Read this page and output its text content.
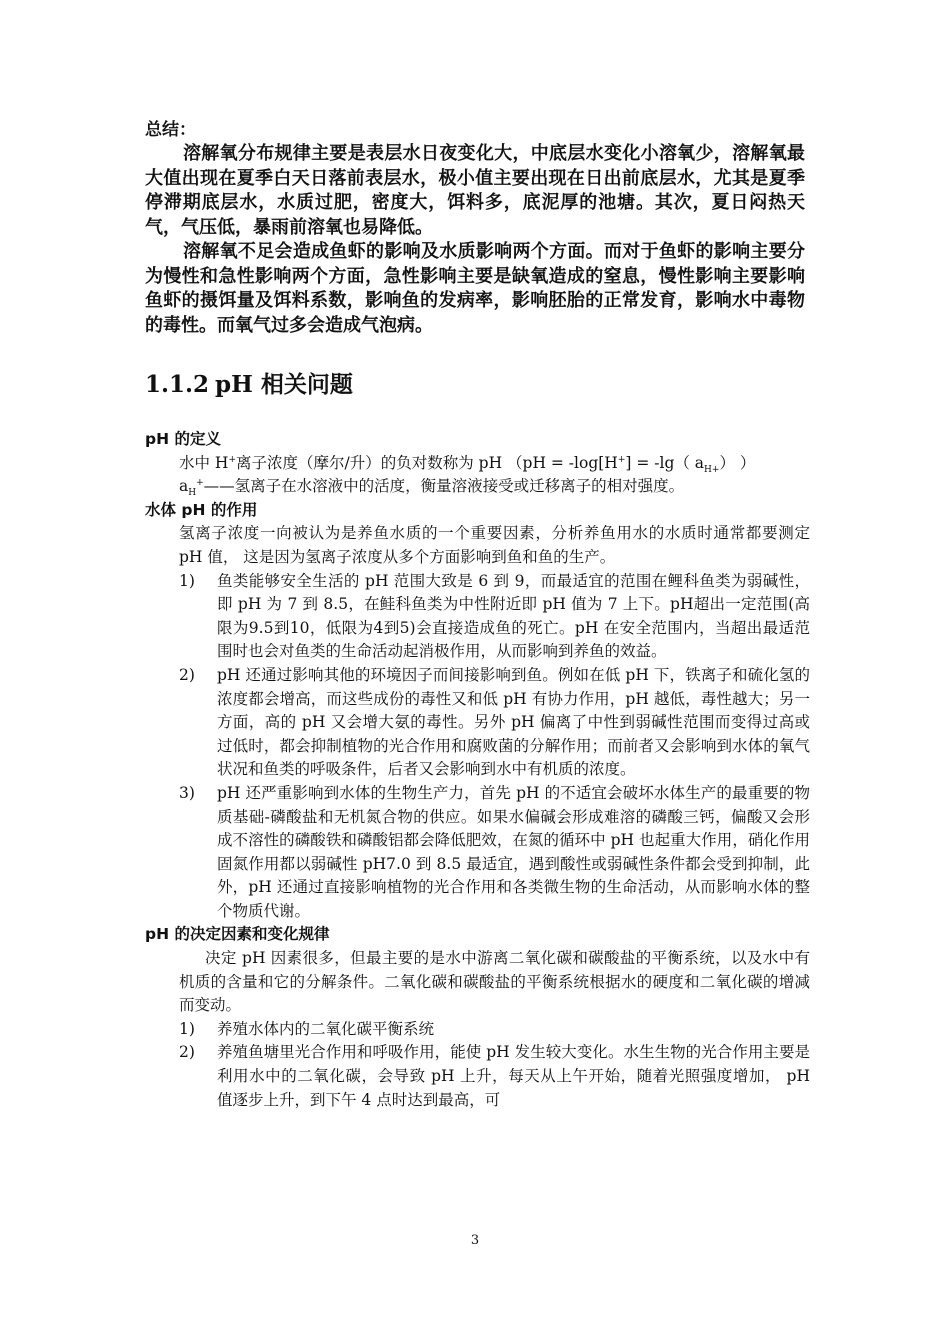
总结：

溶解氧分布规律主要是表层水日夜变化大，中底层水变化小溶氧少，溶解氧最大值出现在夏季白天日落前表层水，极小值主要出现在日出前底层水，尤其是夏季停滞期底层水，水质过肥，密度大，饵料多，底泥厚的池塘。其次，夏日闷热天气，气压低，暴雨前溶氧也易降低。

溶解氧不足会造成鱼虾的影响及水质影响两个方面。而对于鱼虾的影响主要分为慢性和急性影响两个方面，急性影响主要是缺氧造成的窒息，慢性影响主要影响鱼虾的摄饵量及饵料系数，影响鱼的发病率，影响胚胎的正常发育，影响水中毒物的毒性。而氧气过多会造成气泡病。

1.1.2 pH 相关问题

pH 的定义

水中 H+离子浓度（摩尔/升）的负对数称为 pH （pH = -log[H+] = -lg（ $a_{H+}$） ）

$a_H^+——$氢离子在水溶液中的活度，衡量溶液接受或迁移离子的相对强度。

水体 pH 的作用

氢离子浓度一向被认为是养鱼水质的一个重要因素，分析养鱼用水的水质时通常都要测定 pH 值， 这是因为氢离子浓度从多个方面影响到鱼和鱼的生产。

1) 鱼类能够安全生活的 pH 范围大致是 6 到 9，而最适宜的范围在鲤科鱼类为弱碱性，即 pH 为 7 到 8.5，在鲑科鱼类为中性附近即 pH 值为 7 上下。pH超出一定范围(高限为9.5到10，低限为4到5)会直接造成鱼的死亡。pH 在安全范围内，当超出最适范围时也会对鱼类的生命活动起消极作用，从而影响到养鱼的效益。
2) pH 还通过影响其他的环境因子而间接影响到鱼。例如在低 pH 下，铁离子和硫化氢的浓度都会增高，而这些成份的毒性又和低 pH 有协力作用，pH 越低，毒性越大；另一方面，高的 pH 又会增大氨的毒性。另外 pH 偏离了中性到弱碱性范围而变得过高或过低时，都会抑制植物的光合作用和腐败菌的分解作用；而前者又会影响到水体的氧气状况和鱼类的呼吸条件，后者又会影响到水中有机质的浓度。
3) pH 还严重影响到水体的生物生产力，首先 pH 的不适宜会破坏水体生产的最重要的物质基础-磷酸盐和无机氮合物的供应。如果水偏碱会形成难溶的磷酸三钙，偏酸又会形成不溶性的磷酸铁和磷酸铝都会降低肥效，在氮的循环中 pH 也起重大作用，硝化作用固氮作用都以弱碱性 pH7.0 到 8.5 最适宜，遇到酸性或弱碱性条件都会受到抑制，此外，pH 还通过直接影响植物的光合作用和各类微生物的生命活动，从而影响水体的整个物质代谢。

pH 的决定因素和变化规律

决定 pH 因素很多，但最主要的是水中游离二氧化碳和碳酸盐的平衡系统，以及水中有机质的含量和它的分解条件。二氧化碳和碳酸盐的平衡系统根据水的硬度和二氧化碳的增减而变动。

1) 养殖水体内的二氧化碳平衡系统
2) 养殖鱼塘里光合作用和呼吸作用，能使 pH 发生较大变化。水生生物的光合作用主要是利用水中的二氧化碳，会导致 pH 上升，每天从上午开始，随着光照强度增加， pH 值逐步上升，到下午 4 点时达到最高，可
3
